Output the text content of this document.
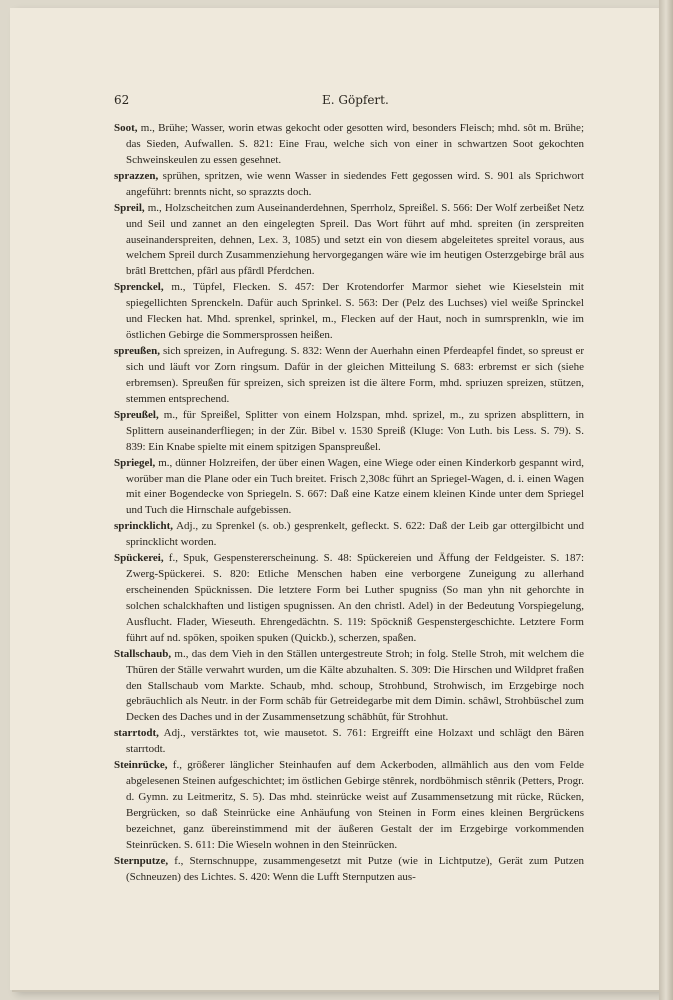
62	E. Göpfert.

Soot, m., Brühe; Wasser, worin etwas gekocht oder gesotten wird, besonders Fleisch; mhd. sôt m. Brühe; das Sieden, Aufwallen. S. 821: Eine Frau, welche sich von einer in schwartzen Soot gekochten Schweinskeulen zu essen gesehnet.

sprazzen, sprühen, spritzen, wie wenn Wasser in siedendes Fett gegossen wird. S. 901 als Sprichwort angeführt: brennts nicht, so sprazzts doch.

Spreil, m., Holzscheitchen zum Auseinanderdehnen, Sperrholz, Spreißel. S. 566: Der Wolf zerbeißet Netz und Seil und zannet an den eingelegten Spreil. Das Wort führt auf mhd. spreiten (in zerspreiten auseinanderspreiten, dehnen, Lex. 3, 1085) und setzt ein von diesem abgeleitetes spreitel voraus, aus welchem Spreil durch Zusammenziehung hervorgegangen wäre wie im heutigen Osterzgebirge brâl aus brâtl Brettchen, pfârl aus pfârdl Pferdchen.

Sprenckel, m., Tüpfel, Flecken. S. 457: Der Krotendorfer Marmor siehet wie Kieselstein mit spiegellichten Sprenckeln. Dafür auch Sprinkel. S. 563: Der (Pelz des Luchses) viel weiße Sprinckel und Flecken hat. Mhd. sprenkel, sprinkel, m., Flecken auf der Haut, noch in sumrsprenkln, wie im östlichen Gebirge die Sommersprossen heißen.

spreußen, sich spreizen, in Aufregung. S. 832: Wenn der Auerhahn einen Pferdeapfel findet, so spreust er sich und läuft vor Zorn ringsum. Dafür in der gleichen Mitteilung S. 683: erbremst er sich (siehe erbremsen). Spreußen für spreizen, sich spreizen ist die ältere Form, mhd. spriuzen spreizen, stützen, stemmen entsprechend.

Spreußel, m., für Spreißel, Splitter von einem Holzspan, mhd. sprizel, m., zu sprizen absplittern, in Splittern auseinanderfliegen; in der Zür. Bibel v. 1530 Spreiß (Kluge: Von Luth. bis Less. S. 79). S. 839: Ein Knabe spielte mit einem spitzigen Spanspreußel.

Spriegel, m., dünner Holzreifen, der über einen Wagen, eine Wiege oder einen Kinderkorb gespannt wird, worüber man die Plane oder ein Tuch breitet. Frisch 2,308c führt an Spriegel-Wagen, d. i. einen Wagen mit einer Bogendecke von Spriegeln. S. 667: Daß eine Katze einem kleinen Kinde unter dem Spriegel und Tuch die Hirnschale aufgebissen.

sprincklicht, Adj., zu Sprenkel (s. ob.) gesprenkelt, gefleckt. S. 622: Daß der Leib gar ottergilbicht und sprincklicht worden.

Spückerei, f., Spuk, Gespenstererscheinung. S. 48: Spückereien und Äffung der Feldgeister. S. 187: Zwerg-Spückerei. S. 820: Etliche Menschen haben eine verborgene Zuneigung zu allerhand erscheinenden Spücknissen. Die letztere Form bei Luther spugniss (So man yhn nit gehorchte in solchen schalckhaften und listigen spugnissen. An den christl. Adel) in der Bedeutung Vorspiegelung, Ausflucht. Flader, Wieseuth. Ehrengedächtn. S. 119: Spöckniß Gespenstergeschichte. Letztere Form führt auf nd. spöken, spoiken spuken (Quickb.), scherzen, spaßen.

Stallschaub, m., das dem Vieh in den Ställen untergestreute Stroh; in folg. Stelle Stroh, mit welchem die Thüren der Ställe verwahrt wurden, um die Kälte abzuhalten. S. 309: Die Hirschen und Wildpret fraßen den Stallschaub vom Markte. Schaub, mhd. schoup, Strohbund, Strohwisch, im Erzgebirge noch gebräuchlich als Neutr. in der Form schâb für Getreidegarbe mit dem Dimin. schâwl, Strohbüschel zum Decken des Daches und in der Zusammensetzung schâbhût, für Strohhut.

starrtodt, Adj., verstärktes tot, wie mausetot. S. 761: Ergreifft eine Holzaxt und schlägt den Bären starrtodt.

Steinrücke, f., größerer länglicher Steinhaufen auf dem Ackerboden, allmählich aus den vom Felde abgelesenen Steinen aufgeschichtet; im östlichen Gebirge stênrek, nordböhmisch stênrik (Petters, Progr. d. Gymn. zu Leitmeritz, S. 5). Das mhd. steinrücke weist auf Zusammensetzung mit rücke, Rücken, Bergrücken, so daß Steinrücke eine Anhäufung von Steinen in Form eines kleinen Bergrückens bezeichnet, ganz übereinstimmend mit der äußeren Gestalt der im Erzgebirge vorkommenden Steinrücken. S. 611: Die Wieseln wohnen in den Steinrücken.

Sternputze, f., Sternschnuppe, zusammengesetzt mit Putze (wie in Lichtputze), Gerät zum Putzen (Schneuzen) des Lichtes. S. 420: Wenn die Lufft Sternputzen aus-
